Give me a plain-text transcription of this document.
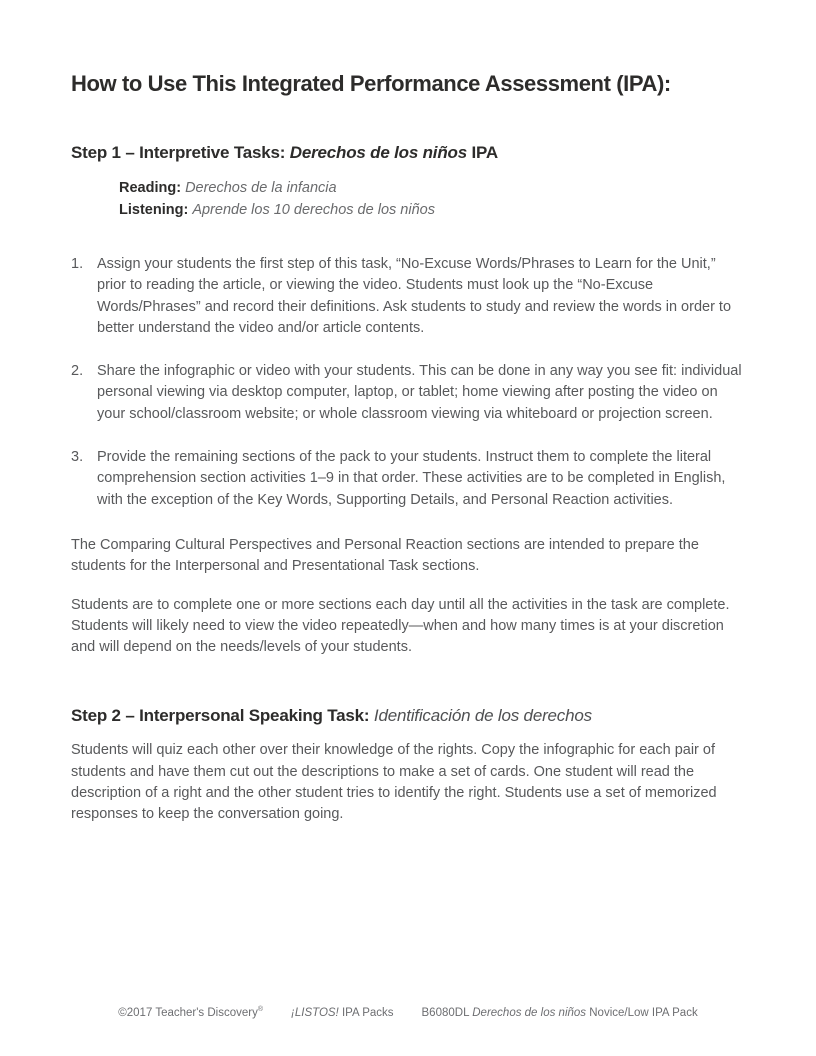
How to Use This Integrated Performance Assessment (IPA):
Step 1 – Interpretive Tasks: Derechos de los niños IPA
Reading: Derechos de la infancia
Listening: Aprende los 10 derechos de los niños
1. Assign your students the first step of this task, “No-Excuse Words/Phrases to Learn for the Unit,” prior to reading the article, or viewing the video. Students must look up the “No-Excuse Words/Phrases” and record their definitions. Ask students to study and review the words in order to better understand the video and/or article contents.
2. Share the infographic or video with your students. This can be done in any way you see fit: individual personal viewing via desktop computer, laptop, or tablet; home viewing after posting the video on your school/classroom website; or whole classroom viewing via whiteboard or projection screen.
3. Provide the remaining sections of the pack to your students. Instruct them to complete the literal comprehension section activities 1–9 in that order. These activities are to be completed in English, with the exception of the Key Words, Supporting Details, and Personal Reaction activities.

The Comparing Cultural Perspectives and Personal Reaction sections are intended to prepare the students for the Interpersonal and Presentational Task sections.

Students are to complete one or more sections each day until all the activities in the task are complete. Students will likely need to view the video repeatedly—when and how many times is at your discretion and will depend on the needs/levels of your students.

Step 2 – Interpersonal Speaking Task: Identificación de los derechos

Students will quiz each other over their knowledge of the rights. Copy the infographic for each pair of students and have them cut out the descriptions to make a set of cards. One student will read the description of a right and the other student tries to identify the right. Students use a set of memorized responses to keep the conversation going.

©2017 Teacher's Discovery® ¡LISTOS! IPA Packs B6080DL Derechos de los niños Novice/Low IPA Pack
